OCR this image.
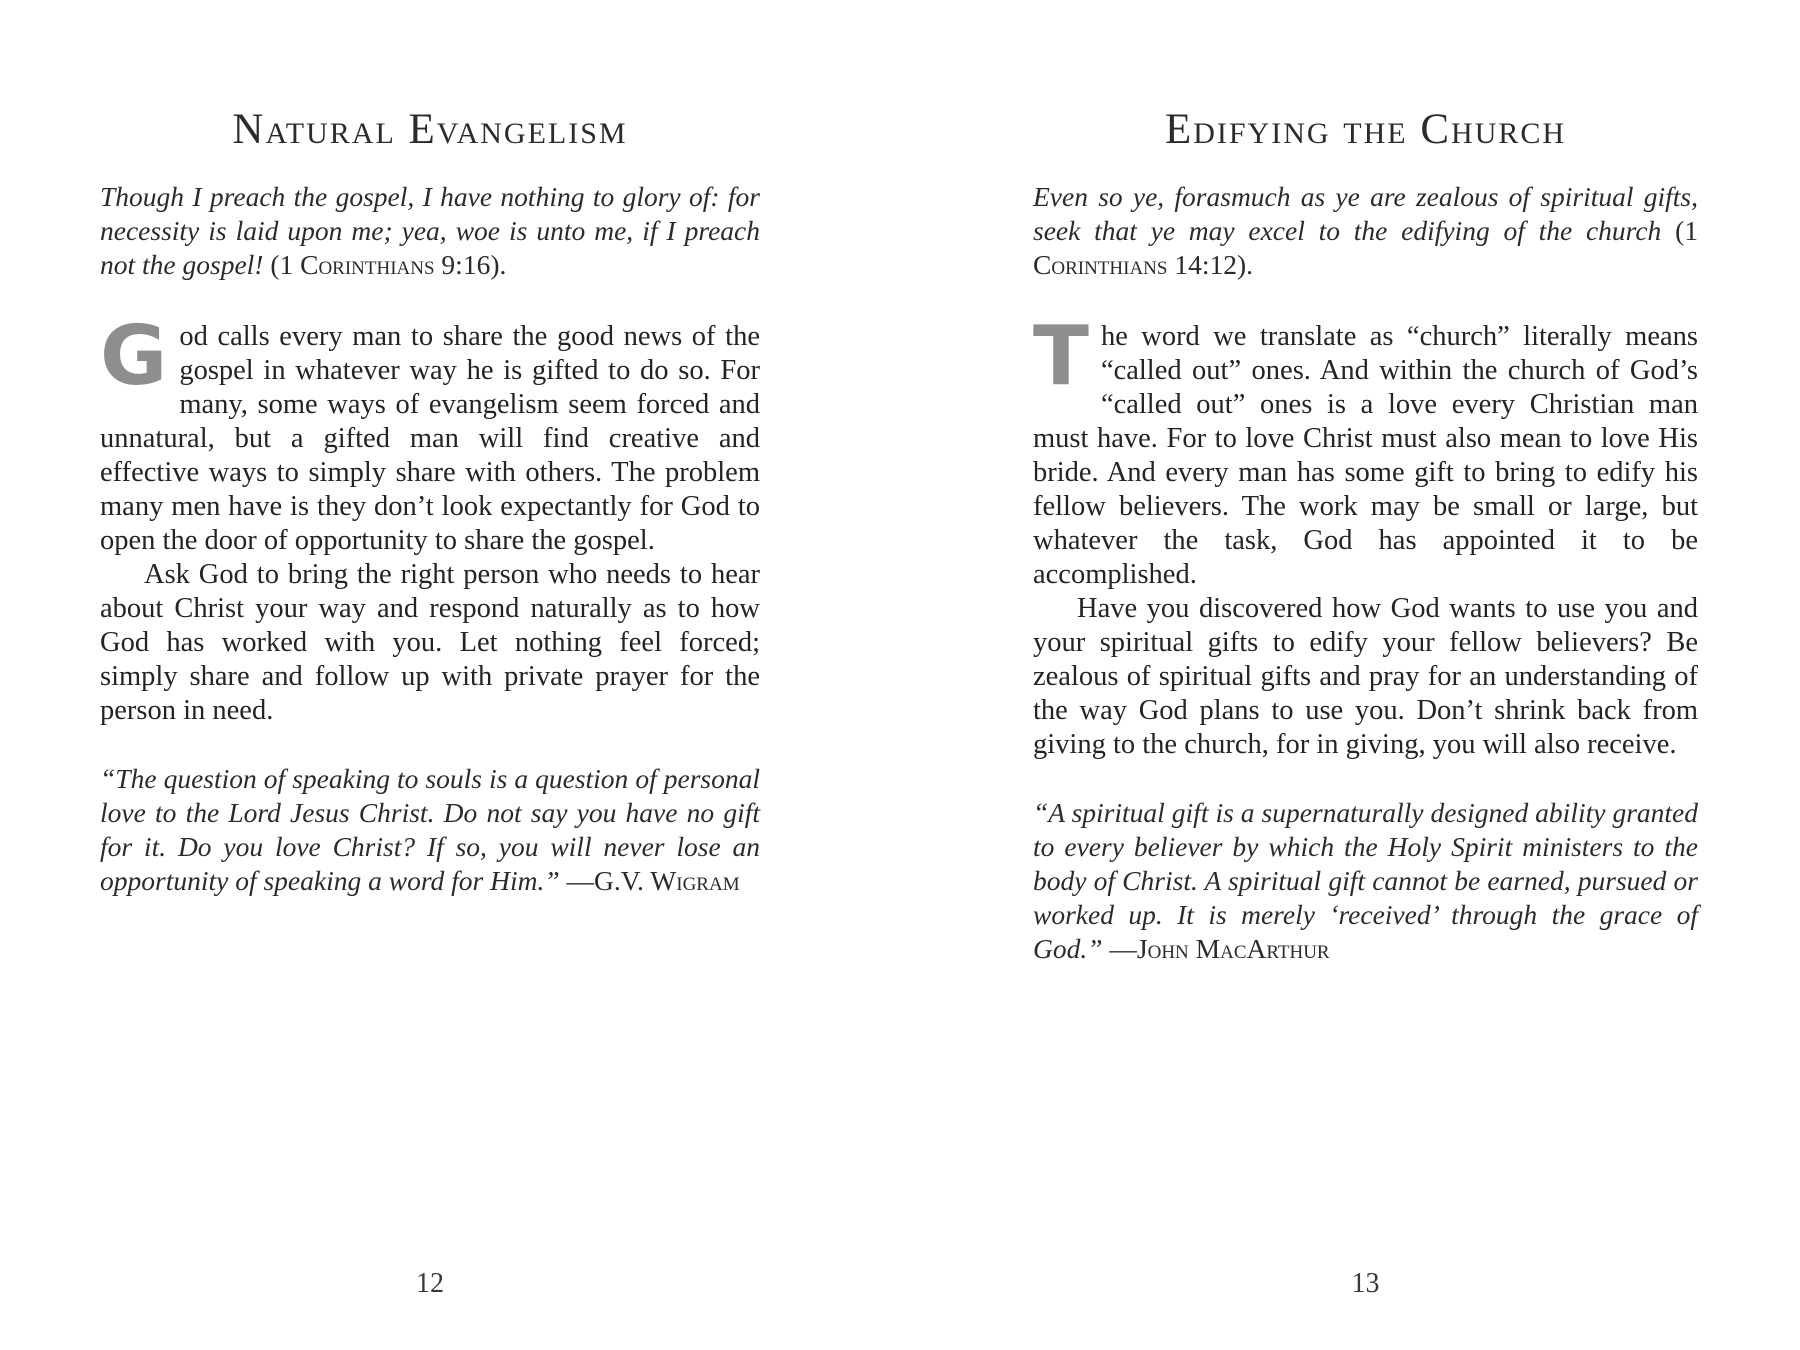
Natural Evangelism

Though I preach the gospel, I have nothing to glory of: for necessity is laid upon me; yea, woe is unto me, if I preach not the gospel! (1 Corinthians 9:16).

G od calls every man to share the good news of the gospel in whatever way he is gifted to do so. For many, some ways of evangelism seem forced and unnatural, but a gifted man will find creative and effective ways to simply share with others. The problem many men have is they don’t look expectantly for God to open the door of opportunity to share the gospel.

Ask God to bring the right person who needs to hear about Christ your way and respond naturally as to how God has worked with you. Let nothing feel forced; simply share and follow up with private prayer for the person in need.

“The question of speaking to souls is a question of personal love to the Lord Jesus Christ. Do not say you have no gift for it. Do you love Christ? If so, you will never lose an opportunity of speaking a word for Him.” —G.V. Wigram

Edifying the Church

Even so ye, forasmuch as ye are zealous of spiritual gifts, seek that ye may excel to the edifying of the church (1 Corinthians 14:12).

T he word we translate as “church” literally means “called out” ones. And within the church of God’s “called out” ones is a love every Christian man must have. For to love Christ must also mean to love His bride. And every man has some gift to bring to edify his fellow believers. The work may be small or large, but whatever the task, God has appointed it to be accomplished.

Have you discovered how God wants to use you and your spiritual gifts to edify your fellow believers? Be zealous of spiritual gifts and pray for an understanding of the way God plans to use you. Don’t shrink back from giving to the church, for in giving, you will also receive.

“A spiritual gift is a supernaturally designed ability granted to every believer by which the Holy Spirit ministers to the body of Christ. A spiritual gift cannot be earned, pursued or worked up. It is merely ‘received’ through the grace of God.” —John MacArthur

12	13
